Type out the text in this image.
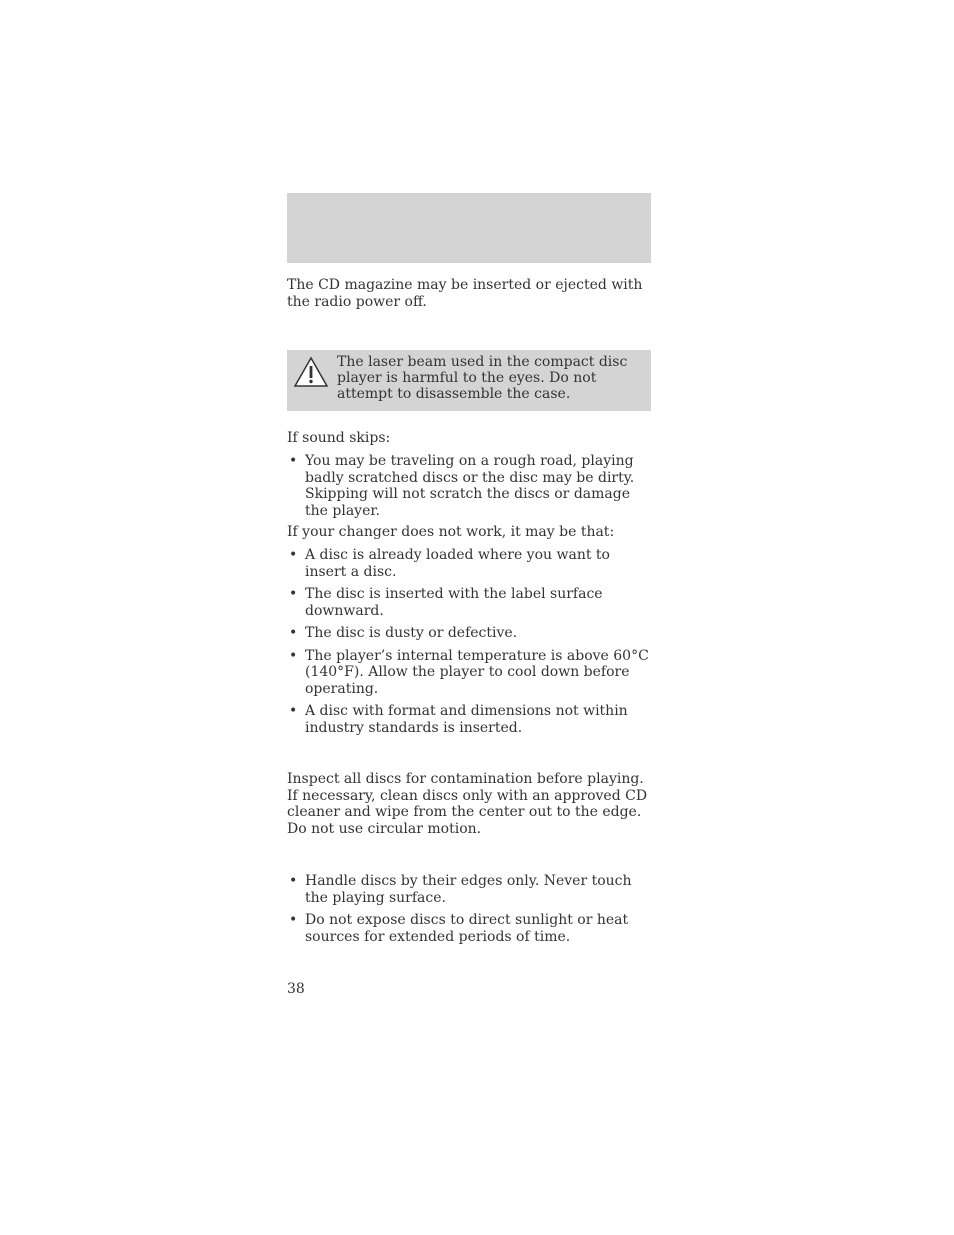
The CD magazine may be inserted or ejected with the radio power off.

The laser beam used in the compact disc player is harmful to the eyes. Do not attempt to disassemble the case.

If sound skips:

• You may be traveling on a rough road, playing badly scratched discs or the disc may be dirty. Skipping will not scratch the discs or damage the player.

If your changer does not work, it may be that:

• A disc is already loaded where you want to insert a disc.
• The disc is inserted with the label surface downward.
• The disc is dusty or defective.
• The player’s internal temperature is above 60°C (140°F). Allow the player to cool down before operating.
• A disc with format and dimensions not within industry standards is inserted.

Inspect all discs for contamination before playing. If necessary, clean discs only with an approved CD cleaner and wipe from the center out to the edge. Do not use circular motion.

• Handle discs by their edges only. Never touch the playing surface.
• Do not expose discs to direct sunlight or heat sources for extended periods of time.

38
